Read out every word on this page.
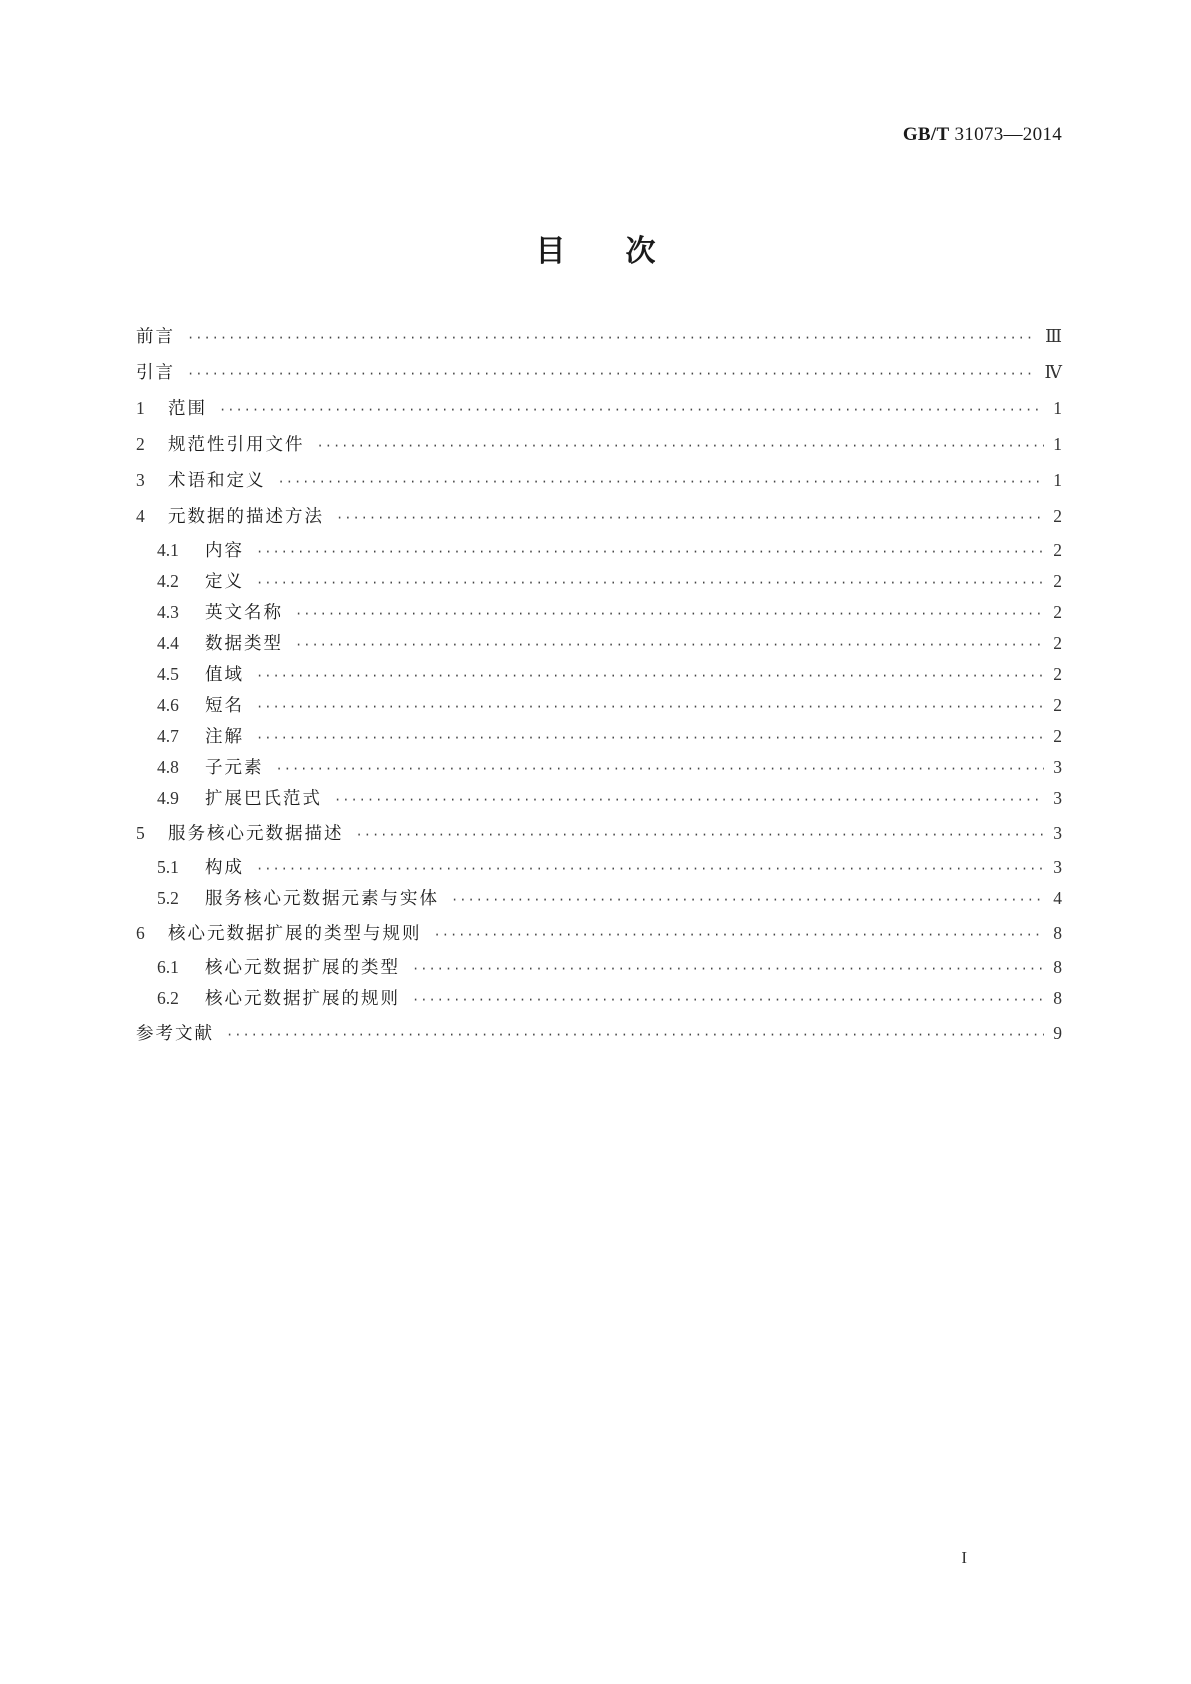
GB/T 31073—2014
目次
前言 ·····	Ⅲ
引言 ·····	Ⅳ
1	范围 ·····	1
2	规范性引用文件 ·····	1
3	术语和定义 ·····	1
4	元数据的描述方法 ·····	2
4.1	内容 ·····	2
4.2	定义 ·····	2
4.3	英文名称 ·····	2
4.4	数据类型 ·····	2
4.5	值域 ·····	2
4.6	短名 ·····	2
4.7	注解 ·····	2
4.8	子元素 ·····	3
4.9	扩展巴氏范式 ·····	3
5	服务核心元数据描述 ·····	3
5.1	构成 ·····	3
5.2	服务核心元数据元素与实体 ·····	4
6	核心元数据扩展的类型与规则 ·····	8
6.1	核心元数据扩展的类型 ·····	8
6.2	核心元数据扩展的规则 ·····	8
参考文献 ·····	9
I
